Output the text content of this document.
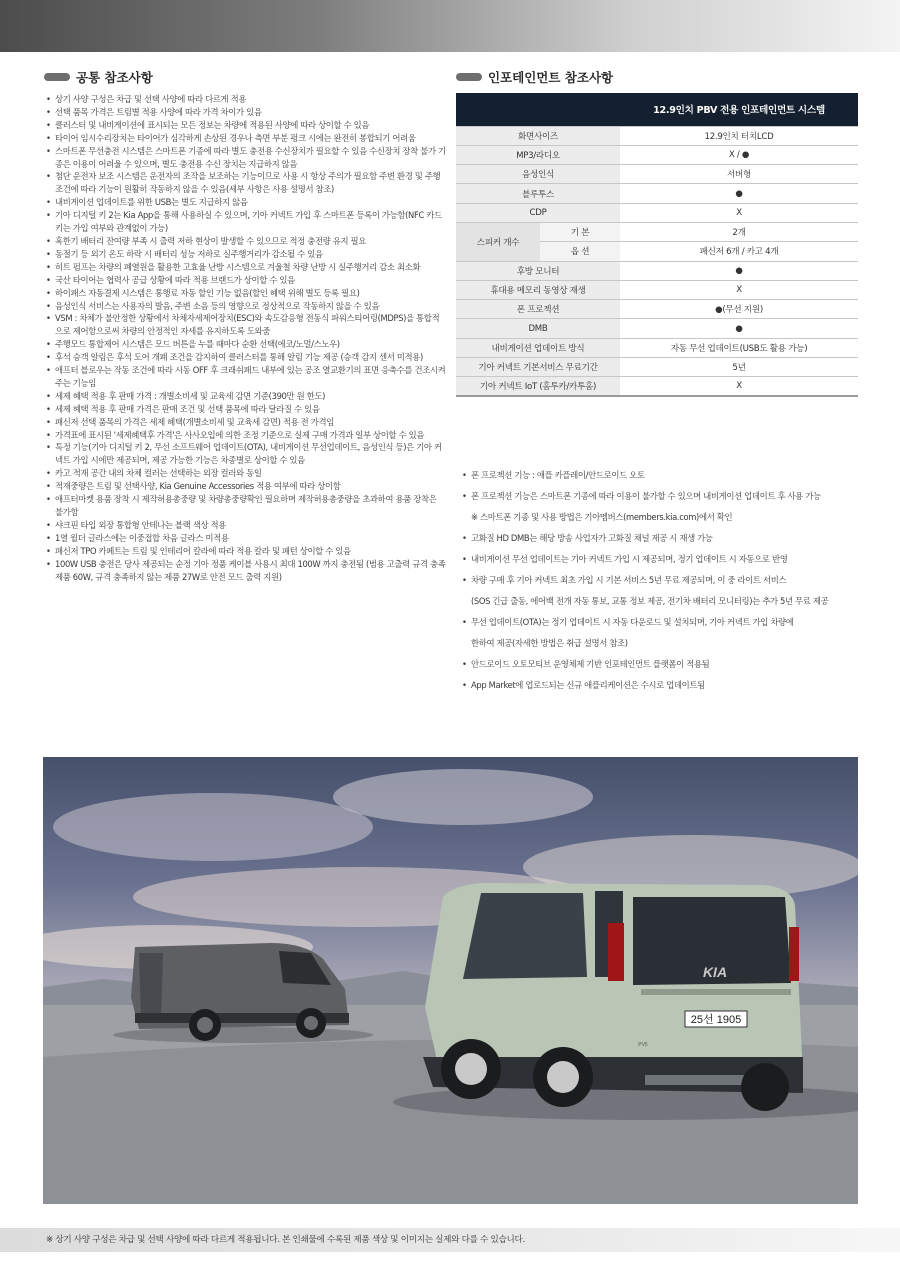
공통 참조사항
• 상기 사양 구성은 차급 및 선택 사양에 따라 다르게 적용
• 선택 품목 가격은 트림별 적용 사양에 따라 가격 차이가 있음
• 클러스터 및 내비게이션에 표시되는 모든 정보는 차량에 적용된 사양에 따라 상이할 수 있음
• 타이어 임시수리장치는 타이어가 심각하게 손상된 경우나 측면 부분 펑크 시에는 완전히 봉합되기 어려움
• 스마트폰 무선충전 시스템은 스마트폰 기종에 따라 별도 충전용 수신장치가 필요할 수 있음 수신장치 장착 불가 기종은 이용이 어려울 수 있으며, 별도 충전용 수신 장치는 지급하지 않음
• 첨단 운전자 보조 시스템은 운전자의 조작을 보조하는 기능이므로 사용 시 항상 주의가 필요함 주변 환경 및 주행 조건에 따라 기능이 원활히 작동하지 않을 수 있음(세부 사항은 사용 설명서 참조)
• 내비게이션 업데이트를 위한 USB는 별도 지급하지 않음
• 기아 디지털 키 2는 Kia App을 통해 사용하실 수 있으며, 기아 커넥트 가입 후 스마트폰 등록이 가능함(NFC 카드 키는 가입 여부와 관계없이 가능)
• 혹한기 배터리 잔여량 부족 시 출력 저하 현상이 발생할 수 있으므로 적정 충전량 유지 필요
• 동절기 등 외기 온도 하락 시 배터리 성능 저하로 실주행거리가 감소될 수 있음
• 히트 펌프는 차량의 폐열원을 활용한 고효율 난방 시스템으로 겨울철 차량 난방 시 실주행거리 감소 최소화
• 국산 타이어는 협력사 공급 상황에 따라 적용 브랜드가 상이할 수 있음
• 하이패스 자동결제 시스템은 통행료 자동 할인 기능 없음(할인 혜택 위해 별도 등록 필요)
• 음성인식 서비스는 사용자의 발음, 주변 소음 등의 영향으로 정상적으로 작동하지 않을 수 있음
• VSM : 차체가 불안정한 상황에서 차체자세제어장치(ESC)와 속도감응형 전동식 파워스티어링(MDPS)을 통합적으로 제어함으로써 차량의 안정적인 자세를 유지하도록 도와줌
• 주행모드 통합제어 시스템은 모드 버튼을 누를 때마다 순환 선택(에코/노멀/스노우)
• 후석 승객 알림은 후석 도어 개폐 조건을 감지하여 클러스터를 통해 알림 기능 제공 (승객 감지 센서 미적용)
• 애프터 블로우는 작동 조건에 따라 시동 OFF 후 크래쉬패드 내부에 있는 공조 열교환기의 표면 응축수를 건조시켜 주는 기능임
• 세제 혜택 적용 후 판매 가격 : 개별소비세 및 교육세 감면 기준(390만 원 한도)
• 세제 혜택 적용 후 판매 가격은 판매 조건 및 선택 품목에 따라 달라질 수 있음
• 패신저 선택 품목의 가격은 세제 혜택(개별소비세 및 교육세 감면) 적용 전 가격임
• 가격표에 표시된 '세제혜택후 가격'은 사사오입에 의한 조정 기준으로 실제 구매 가격과 일부 상이할 수 있음
• 특정 기능(기아 디지털 키 2, 무선 소프트웨어 업데이트(OTA), 내비게이션 무선업데이트, 음성인식 등)은 기아 커넥트 가입 시에만 제공되며, 제공 가능한 기능은 차종별로 상이할 수 있음
• 카고 적재 공간 내의 차체 컬러는 선택하는 외장 컬러와 동일
• 적재중량은 트림 및 선택사양, Kia Genuine Accessories 적용 여부에 따라 상이함
• 애프터마켓 용품 장착 시 제작허용총중량 및 차량총중량확인 필요하며 제작허용총중량을 초과하여 용품 장착은 불가함
• 샤크핀 타입 외장 통합형 안테나는 블랙 색상 적용
• 1열 윌더 글라스에는 이중접합 차음 글라스 미적용
• 패신저 TPO 카페트는 트림 및 인테리어 칼라에 따라 적용 칼라 및 패턴 상이할 수 있음
• 100W USB 충전은 당사 제공되는 순정 기아 정품 케이블 사용시 최대 100W 까지 충전됨 (범용 고출력 규격 충족 제품 60W, 규격 충족하지 않는 제품 27W로 안전 모드 출력 지원)
인포테인먼트 참조사항
		12.9인치 PBV 전용 인포테인먼트 시스템
화면사이즈		12.9인치 터치LCD
MP3/라디오		X / ●
음성인식		서버형
블루투스		●
CDP		X
스피커 개수	기 본	2개
	옵 션	패신저 6개 / 카고 4개
후방 모니터		●
휴대용 메모리 동영상 재생		X
폰 프로젝션		●(무선 지원)
DMB		●
내비게이션 업데이트 방식		자동 무선 업데이트(USB도 활용 가능)
기아 커넥트 기본서비스 무료기간		5년
기아 커넥트 IoT (홈투카/카투홈)		X
• 폰 프로젝션 기능 : 애플 카플레이/안드로이드 오토
• 폰 프로젝션 기능은 스마트폰 기종에 따라 이용이 불가할 수 있으며 내비게이션 업데이트 후 사용 가능
※ 스마트폰 기종 및 사용 방법은 기아멤버스(members.kia.com)에서 확인
• 고화질 HD DMB는 해당 방송 사업자가 고화질 채널 제공 시 재생 가능
• 내비게이션 무선 업데이트는 기아 커넥트 가입 시 제공되며, 정기 업데이트 시 자동으로 반영
• 차량 구매 후 기아 커넥트 최초 가입 시 기본 서비스 5년 무료 제공되며, 이 중 라이트 서비스
(SOS 긴급 출동, 에어백 전개 자동 통보, 교통 정보 제공, 전기차 배터리 모니터링)는 추가 5년 무료 제공
• 무선 업데이트(OTA)는 정기 업데이트 시 자동 다운로드 및 설치되며, 기아 커넥트 가입 차량에
한하여 제공(자세한 방법은 취급 설명서 참조)
• 안드로이드 오토모티브 운영체제 기반 인포테인먼트 플랫폼이 적용됨
• App Market에 업로드되는 신규 애플리케이션은 수시로 업데이트됨
25선 1905
KIA
PV5
※ 상기 사양 구성은 차급 및 선택 사양에 따라 다르게 적용됩니다. 본 인쇄물에 수록된 제품 색상 및 이미지는 실제와 다를 수 있습니다.
